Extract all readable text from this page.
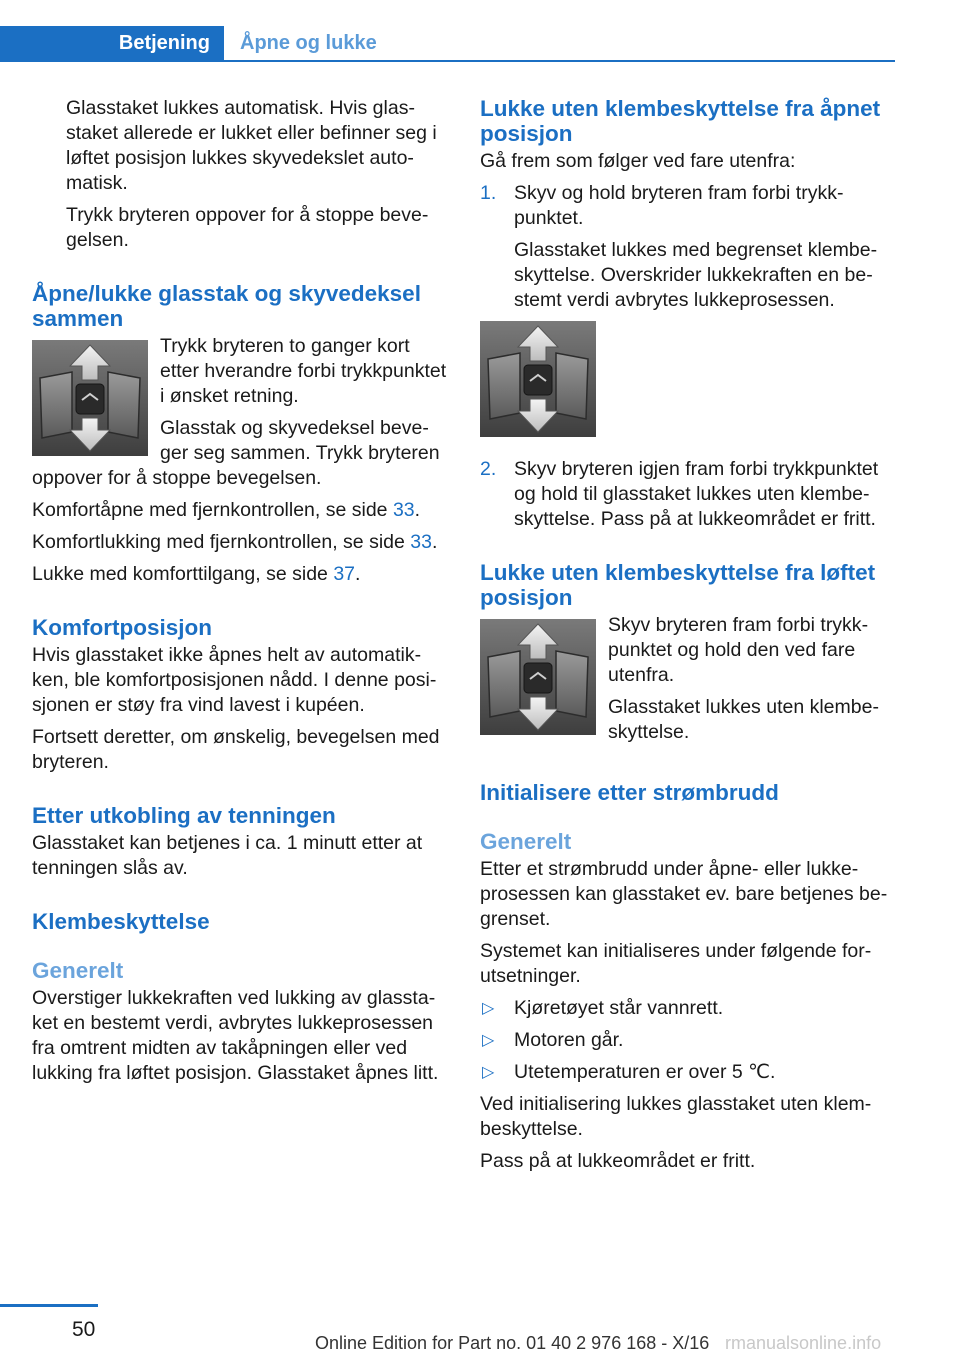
Betjening	Åpne og lukke

Glasstaket lukkes automatisk. Hvis glasstaket allerede er lukket eller befinner seg i løftet posisjon lukkes skyvedekslet automatisk.

Trykk bryteren oppover for å stoppe bevegelsen.

Åpne/lukke glasstak og skyvedeksel sammen

Trykk bryteren to ganger kort etter hverandre forbi trykkpunktet i ønsket retning.

Glasstak og skyvedeksel beveger seg sammen. Trykk bryteren oppover for å stoppe bevegelsen.

Komfortåpne med fjernkontrollen, se side 33.

Komfortlukking med fjernkontrollen, se side 33.

Lukke med komforttilgang, se side 37.

Komfortposisjon

Hvis glasstaket ikke åpnes helt av automatikken, ble komfortposisjonen nådd. I denne posisjonen er støy fra vind lavest i kupéen.

Fortsett deretter, om ønskelig, bevegelsen med bryteren.

Etter utkobling av tenningen

Glasstaket kan betjenes i ca. 1 minutt etter at tenningen slås av.

Klembeskyttelse
Generelt

Overstiger lukkekraften ved lukking av glasstaket en bestemt verdi, avbrytes lukkeprosessen fra omtrent midten av takåpningen eller ved lukking fra løftet posisjon. Glasstaket åpnes litt.

Lukke uten klembeskyttelse fra åpnet posisjon

Gå frem som følger ved fare utenfra:

1. Skyv og hold bryteren fram forbi trykkpunktet.

Glasstaket lukkes med begrenset klembeskyttelse. Overskrider lukkekraften en bestemt verdi avbrytes lukkeprosessen.

2. Skyv bryteren igjen fram forbi trykkpunktet og hold til glasstaket lukkes uten klembeskyttelse. Pass på at lukkeområdet er fritt.

Lukke uten klembeskyttelse fra løftet posisjon

Skyv bryteren fram forbi trykkpunktet og hold den ved fare utenfra.

Glasstaket lukkes uten klembeskyttelse.

Initialisere etter strømbrudd
Generelt

Etter et strømbrudd under åpne- eller lukkeprosessen kan glasstaket ev. bare betjenes begrenset.

Systemet kan initialiseres under følgende forutsetninger.

▷ Kjøretøyet står vannrett.
▷ Motoren går.
▷ Utetemperaturen er over 5 ℃.

Ved initialisering lukkes glasstaket uten klembeskyttelse.

Pass på at lukkeområdet er fritt.

50
Online Edition for Part no. 01 40 2 976 168 - X/16 rmanualsonline.info
